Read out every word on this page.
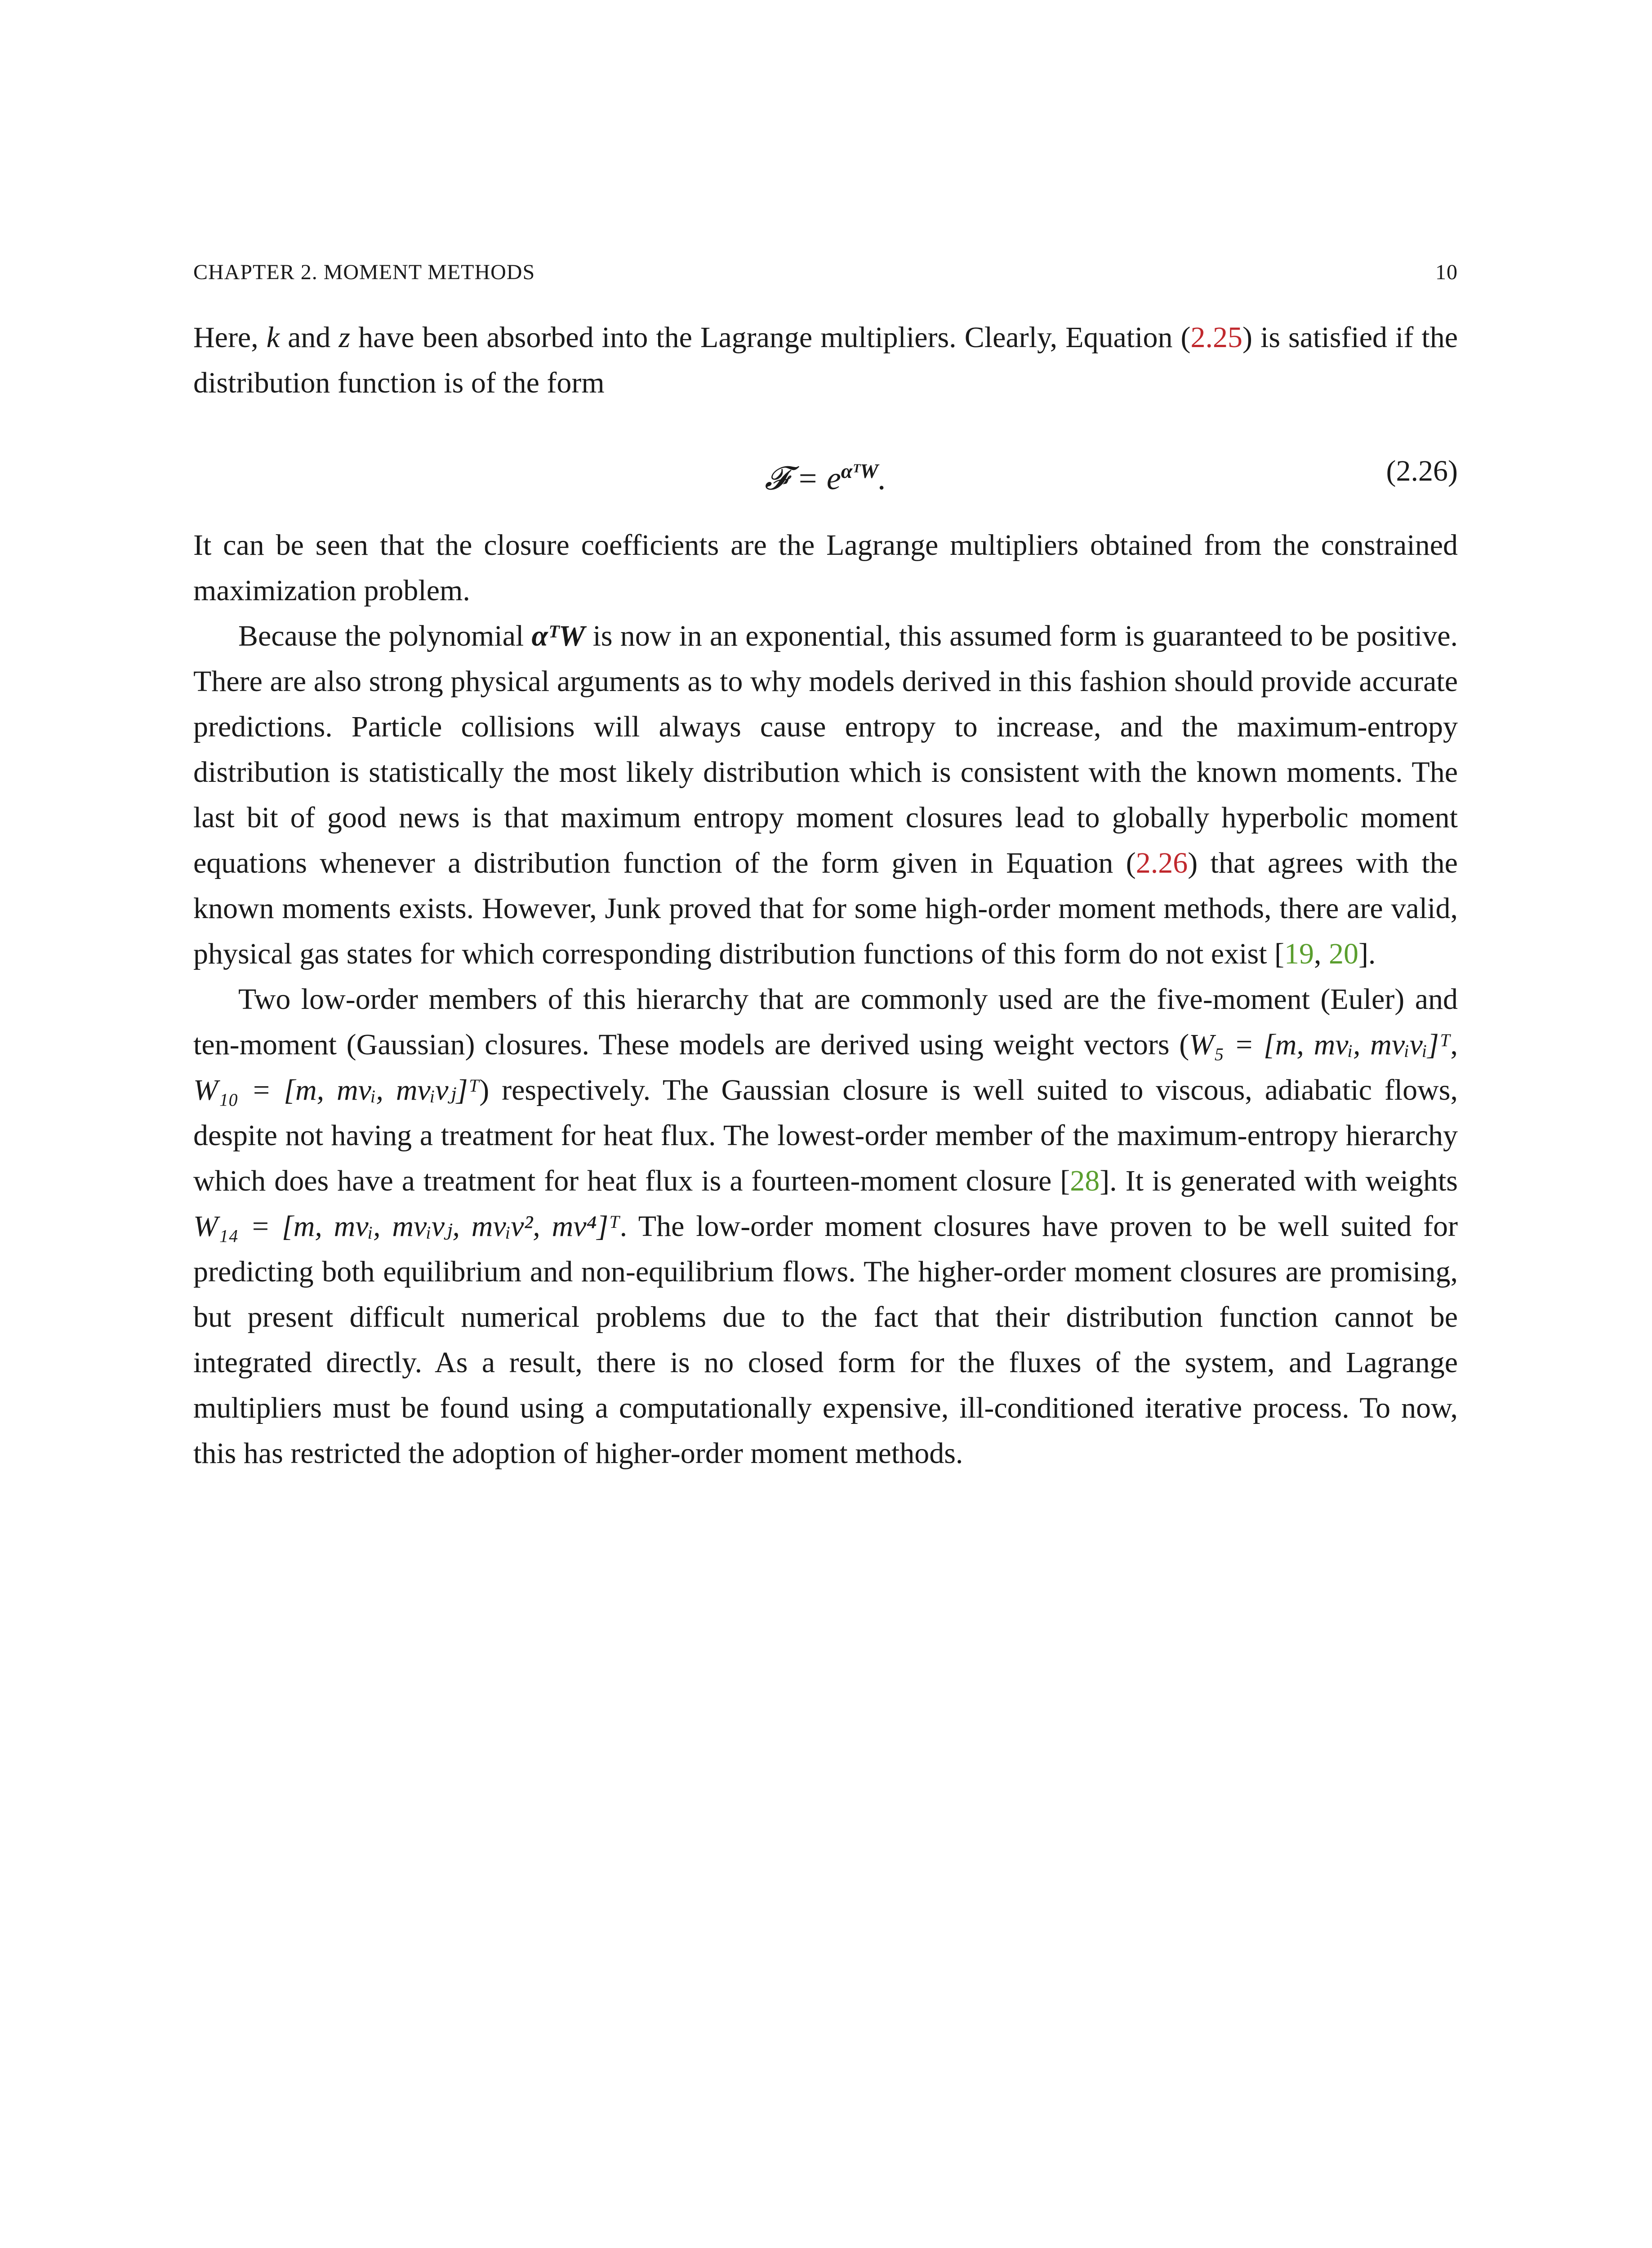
CHAPTER 2. MOMENT METHODS	10

Here, k and z have been absorbed into the Lagrange multipliers. Clearly, Equation (2.25) is satisfied if the distribution function is of the form

𝓕 = $e^{\alpha ᵀW}$.	(2.26)

It can be seen that the closure coefficients are the Lagrange multipliers obtained from the constrained maximization problem.

Because the polynomial αᵀW is now in an exponential, this assumed form is guaranteed to be positive. There are also strong physical arguments as to why models derived in this fashion should provide accurate predictions. Particle collisions will always cause entropy to increase, and the maximum-entropy distribution is statistically the most likely distribution which is consistent with the known moments. The last bit of good news is that maximum entropy moment closures lead to globally hyperbolic moment equations whenever a distribution function of the form given in Equation (2.26) that agrees with the known moments exists. However, Junk proved that for some high-order moment methods, there are valid, physical gas states for which corresponding distribution functions of this form do not exist [19, 20].

Two low-order members of this hierarchy that are commonly used are the five-moment (Euler) and ten-moment (Gaussian) closures. These models are derived using weight vectors (W₅ = [m, mvᵢ, mvᵢvᵢ]ᵀ, W₁₀ = [m, mvᵢ, mvᵢvⱼ]ᵀ) respectively. The Gaussian closure is well suited to viscous, adiabatic flows, despite not having a treatment for heat flux. The lowest-order member of the maximum-entropy hierarchy which does have a treatment for heat flux is a fourteen-moment closure [28]. It is generated with weights W₁₄ = [m, mvᵢ, mvᵢvⱼ, mvᵢv², mv⁴]ᵀ. The low-order moment closures have proven to be well suited for predicting both equilibrium and non-equilibrium flows. The higher-order moment closures are promising, but present difficult numerical problems due to the fact that their distribution function cannot be integrated directly. As a result, there is no closed form for the fluxes of the system, and Lagrange multipliers must be found using a computationally expensive, ill-conditioned iterative process. To now, this has restricted the adoption of higher-order moment methods.
